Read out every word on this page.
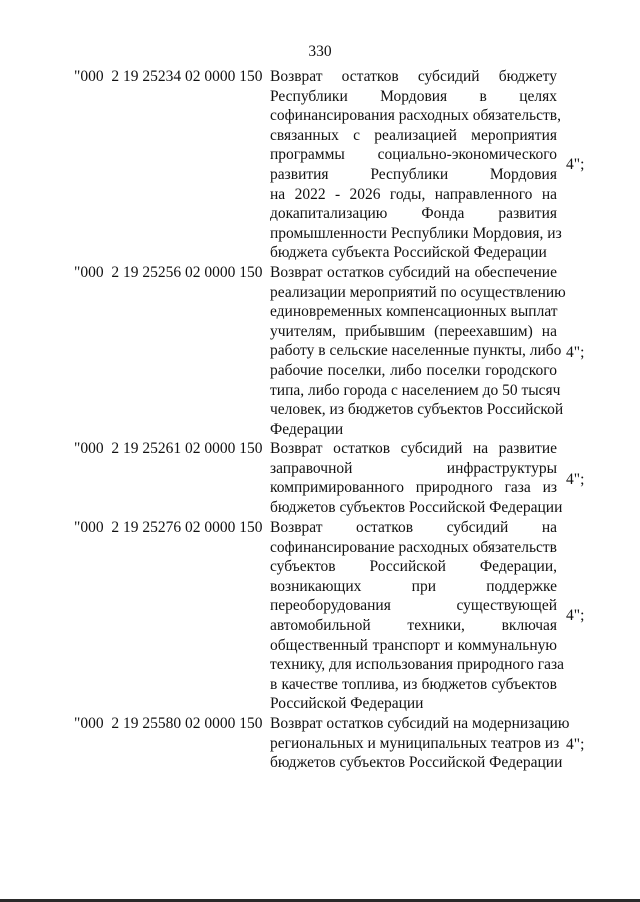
330
"000  2 19 25234 02 0000 150 Возврат остатков субсидий бюджету
Республики Мордовия в целях
софинансирования расходных обязательств,
связанных с реализацией мероприятия
программы социально-экономического
развития Республики Мордовия
на 2022 - 2026 годы, направленного на
докапитализацию Фонда развития
промышленности Республики Мордовия, из
бюджета субъекта Российской Федерации
4";
"000  2 19 25256 02 0000 150 Возврат остатков субсидий на обеспечение
реализации мероприятий по осуществлению
единовременных компенсационных выплат
учителям, прибывшим (переехавшим) на
работу в сельские населенные пункты, либо
рабочие поселки, либо поселки городского
типа, либо города с населением до 50 тысяч
человек, из бюджетов субъектов Российской
Федерации
4";
"000  2 19 25261 02 0000 150 Возврат остатков субсидий на развитие
заправочной инфраструктуры
компримированного природного газа из
бюджетов субъектов Российской Федерации
4";
"000  2 19 25276 02 0000 150 Возврат остатков субсидий на
софинансирование расходных обязательств
субъектов Российской Федерации,
возникающих при поддержке
переоборудования существующей
автомобильной техники, включая
общественный транспорт и коммунальную
технику, для использования природного газа
в качестве топлива, из бюджетов субъектов
Российской Федерации
4";
"000  2 19 25580 02 0000 150 Возврат остатков субсидий на модернизацию
региональных и муниципальных театров из
бюджетов субъектов Российской Федерации
4";
